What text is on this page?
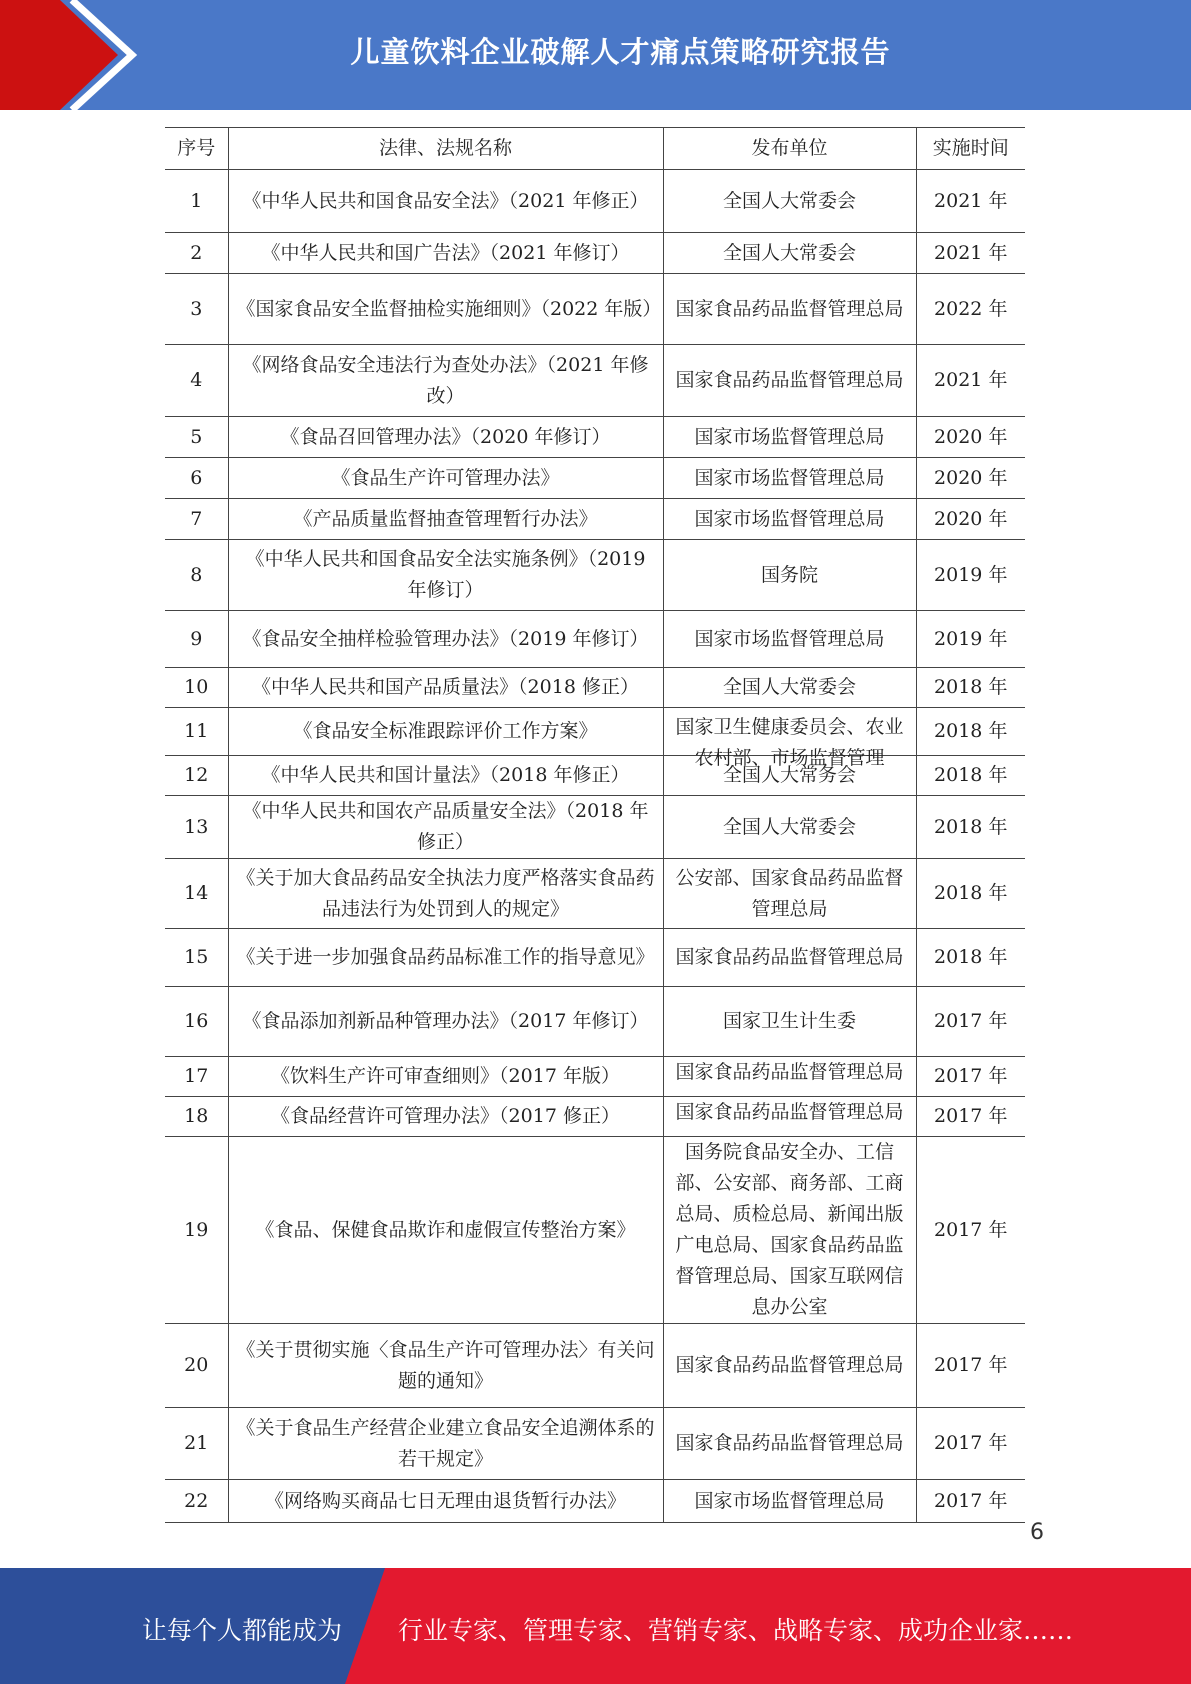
儿童饮料企业破解人才痛点策略研究报告
序号	法律、法规名称	发布单位	实施时间
1	《中华人民共和国食品安全法》（2021 年修正）	全国人大常委会	2021 年
2	《中华人民共和国广告法》（2021 年修订）	全国人大常委会	2021 年
3	《国家食品安全监督抽检实施细则》（2022 年版）	国家食品药品监督管理总局	2022 年
4	《网络食品安全违法行为查处办法》（2021 年修改）	国家食品药品监督管理总局	2021 年
5	《食品召回管理办法》（2020 年修订）	国家市场监督管理总局	2020 年
6	《食品生产许可管理办法》	国家市场监督管理总局	2020 年
7	《产品质量监督抽查管理暂行办法》	国家市场监督管理总局	2020 年
8	《中华人民共和国食品安全法实施条例》（2019 年修订）	国务院	2019 年
9	《食品安全抽样检验管理办法》（2019 年修订）	国家市场监督管理总局	2019 年
10	《中华人民共和国产品质量法》（2018 修正）	全国人大常委会	2018 年
11	《食品安全标准跟踪评价工作方案》	国家卫生健康委员会、农业农村部、市场监督管理	2018 年
12	《中华人民共和国计量法》（2018 年修正）	全国人大常务会	2018 年
13	《中华人民共和国农产品质量安全法》（2018 年修正）	全国人大常委会	2018 年
14	《关于加大食品药品安全执法力度严格落实食品药品违法行为处罚到人的规定》	公安部、国家食品药品监督管理总局	2018 年
15	《关于进一步加强食品药品标准工作的指导意见》	国家食品药品监督管理总局	2018 年
16	《食品添加剂新品种管理办法》（2017 年修订）	国家卫生计生委	2017 年
17	《饮料生产许可审查细则》（2017 年版）	国家食品药品监督管理总局	2017 年
18	《食品经营许可管理办法》（2017 修正）	国家食品药品监督管理总局	2017 年
19	《食品、保健食品欺诈和虚假宣传整治方案》	国务院食品安全办、工信部、公安部、商务部、工商总局、质检总局、新闻出版广电总局、国家食品药品监督管理总局、国家互联网信息办公室	2017 年
20	《关于贯彻实施〈食品生产许可管理办法〉有关问题的通知》	国家食品药品监督管理总局	2017 年
21	《关于食品生产经营企业建立食品安全追溯体系的若干规定》	国家食品药品监督管理总局	2017 年
22	《网络购买商品七日无理由退货暂行办法》	国家市场监督管理总局	2017 年
6
让每个人都能成为 行业专家、管理专家、营销专家、战略专家、成功企业家……
